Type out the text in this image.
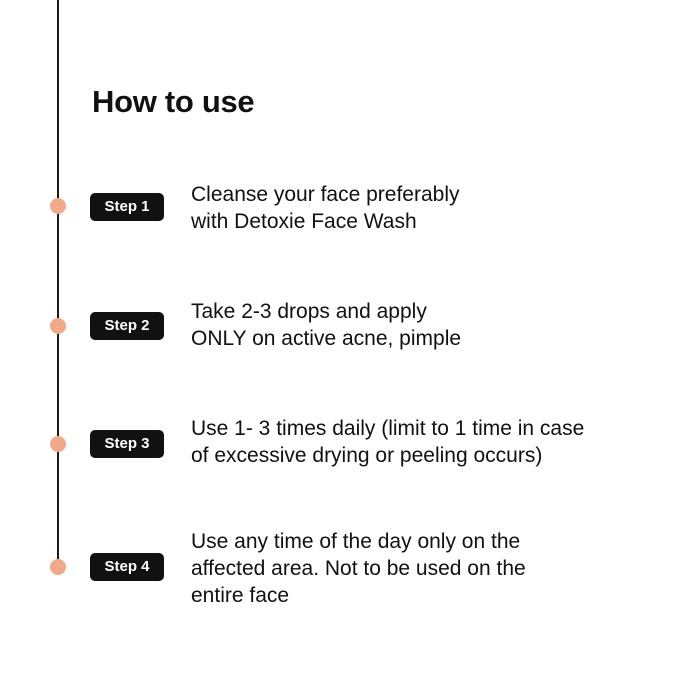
How to use
Step 1

Cleanse your face preferably
with Detoxie Face Wash

Step 2

Take 2-3 drops and apply
ONLY on active acne, pimple

Step 3

Use 1- 3 times daily (limit to 1 time in case
of excessive drying or peeling occurs)

Step 4

Use any time of the day only on the
affected area. Not to be used on the
entire face
